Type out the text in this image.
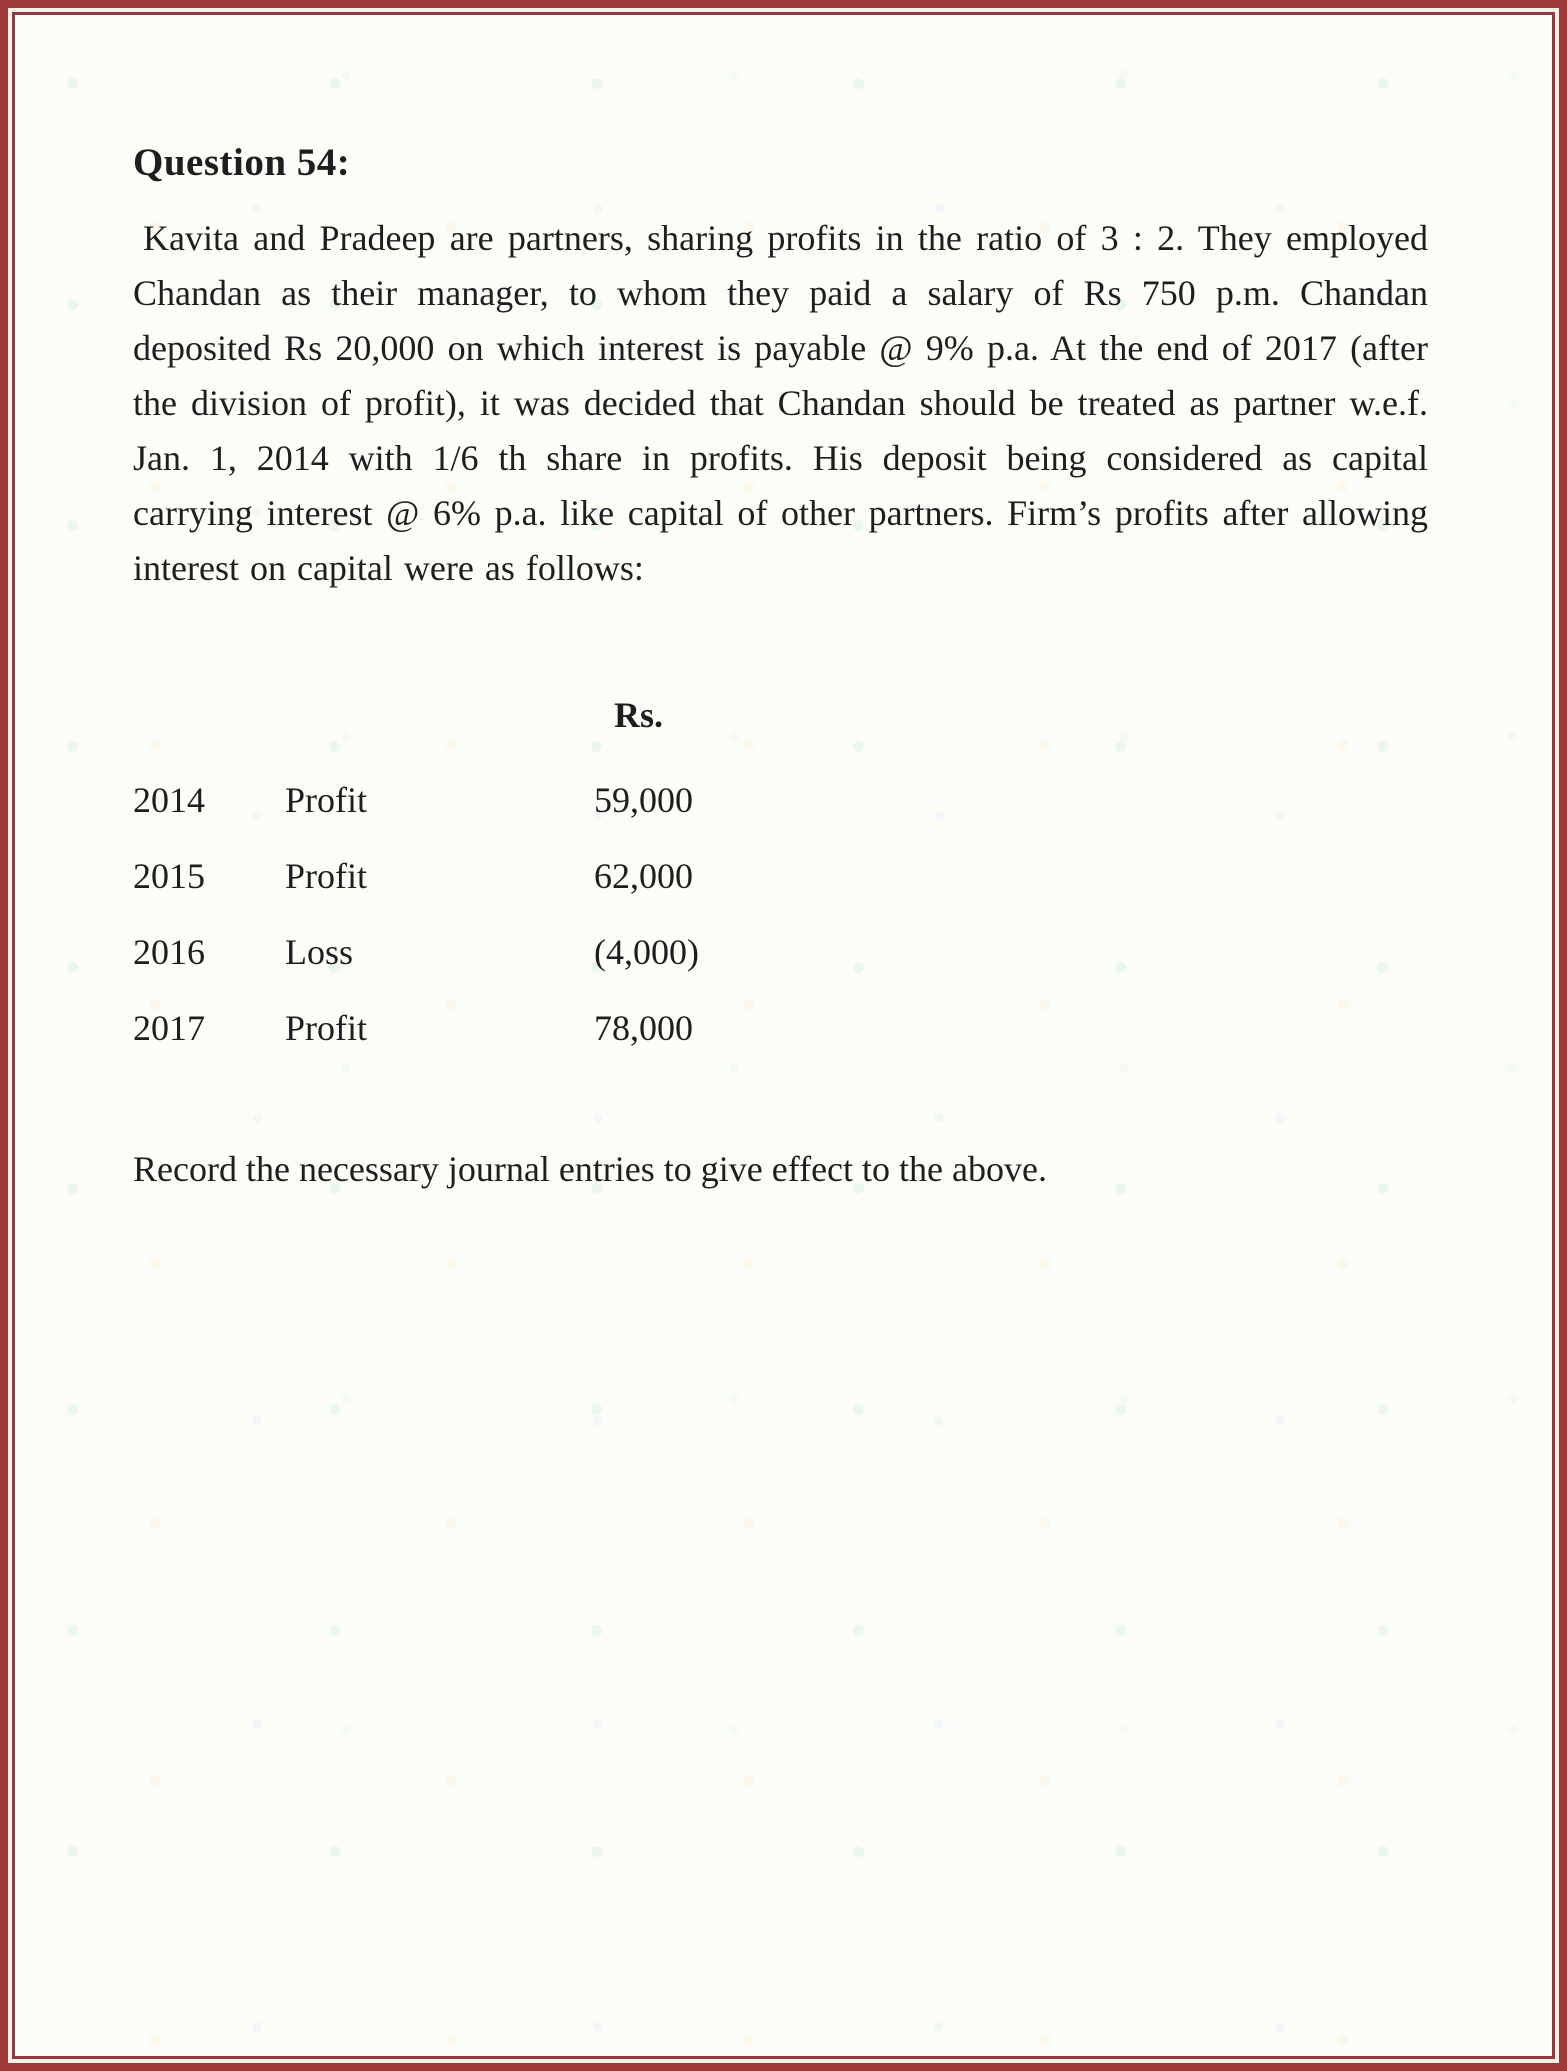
Question 54:

Kavita and Pradeep are partners, sharing profits in the ratio of 3 : 2. They employed Chandan as their manager, to whom they paid a salary of Rs 750 p.m. Chandan deposited Rs 20,000 on which interest is payable @ 9% p.a. At the end of 2017 (after the division of profit), it was decided that Chandan should be treated as partner w.e.f. Jan. 1, 2014 with 1/6 th share in profits. His deposit being considered as capital carrying interest @ 6% p.a. like capital of other partners. Firm’s profits after allowing interest on capital were as follows:

Rs.
2014	Profit	59,000
2015	Profit	62,000
2016	Loss	(4,000)
2017	Profit	78,000

Record the necessary journal entries to give effect to the above.
